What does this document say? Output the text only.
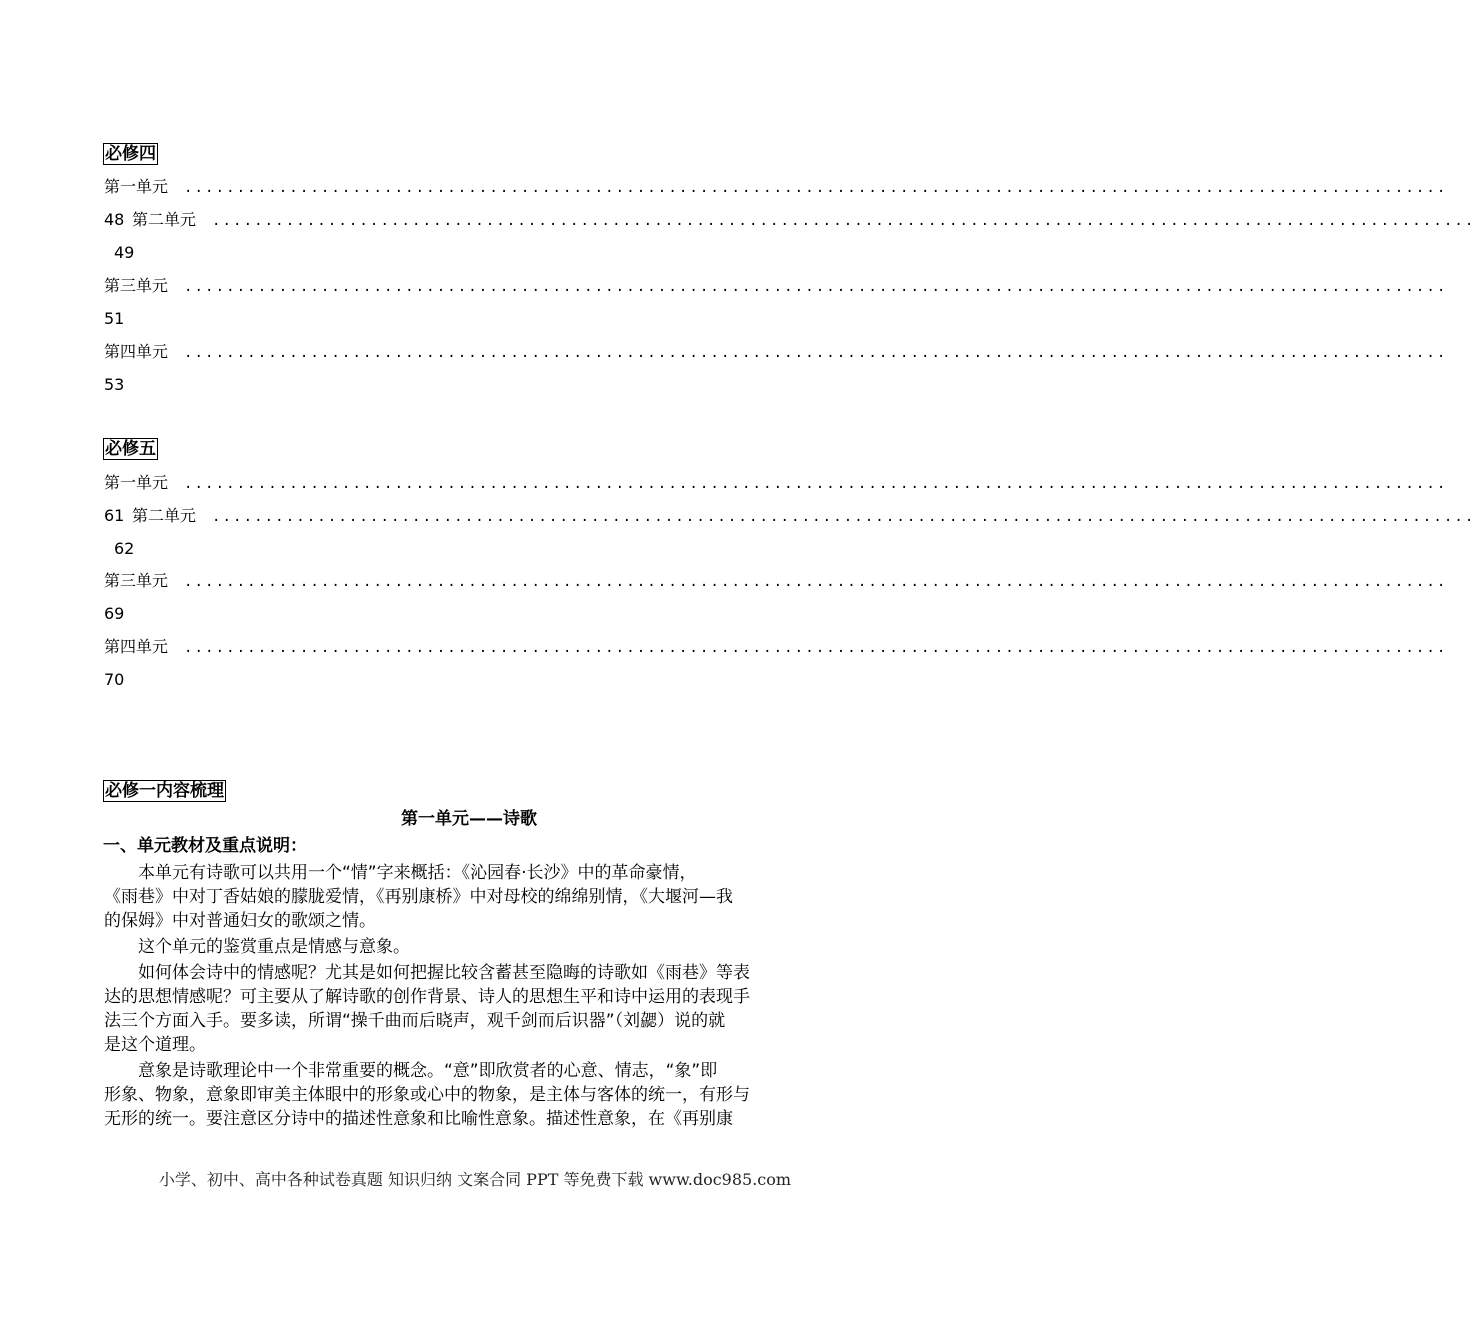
必修四
第一单元 ........................................................................................................................
48 第二单元 ........................................................................................................................
49
第三单元 ........................................................................................................................
51
第四单元 ........................................................................................................................
53
必修五
第一单元 ........................................................................................................................
61 第二单元 ........................................................................................................................
62
第三单元 ........................................................................................................................
69
第四单元 ........................................................................................................................
70
必修一内容梳理
第一单元——诗歌
一、单元教材及重点说明：
　　本单元有诗歌可以共用一个“情”字来概括：《沁园春·长沙》中的革命豪情，
《雨巷》中对丁香姑娘的朦胧爱情，《再别康桥》中对母校的绵绵别情，《大堰河—我
的保姆》中对普通妇女的歌颂之情。
　　这个单元的鉴赏重点是情感与意象。
　　如何体会诗中的情感呢？尤其是如何把握比较含蓄甚至隐晦的诗歌如《雨巷》等表
达的思想情感呢？可主要从了解诗歌的创作背景、诗人的思想生平和诗中运用的表现手
法三个方面入手。要多读，所谓“操千曲而后晓声，观千剑而后识器”（刘勰）说的就
是这个道理。
　　意象是诗歌理论中一个非常重要的概念。“意”即欣赏者的心意、情志，“象”即
形象、物象，意象即审美主体眼中的形象或心中的物象，是主体与客体的统一，有形与
无形的统一。要注意区分诗中的描述性意象和比喻性意象。描述性意象，在《再别康
小学、初中、高中各种试卷真题 知识归纳 文案合同 PPT 等免费下载 www.doc985.com
